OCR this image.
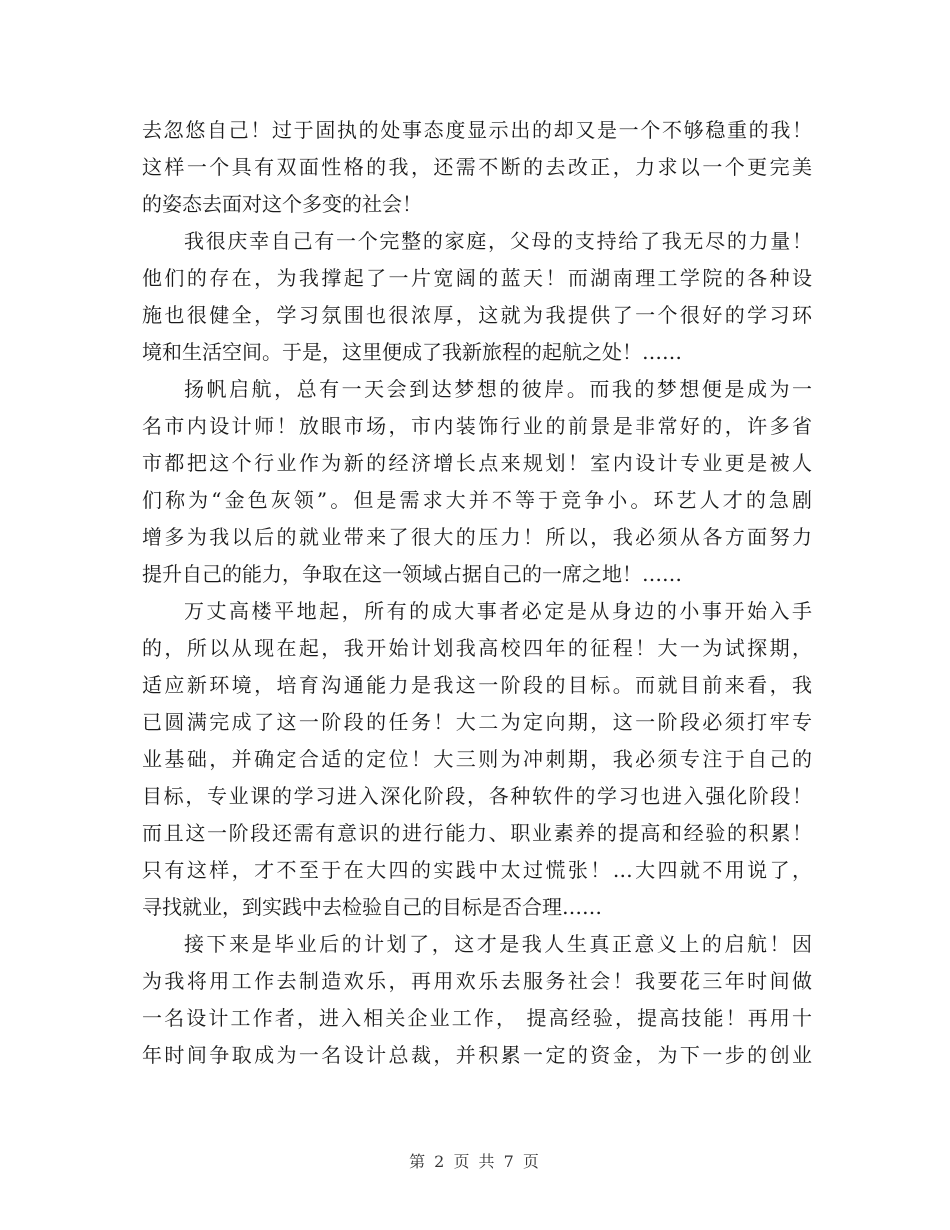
去忽悠自己！过于固执的处事态度显示出的却又是一个不够稳重的我！
这样一个具有双面性格的我，还需不断的去改正，力求以一个更完美
的姿态去面对这个多变的社会！
我很庆幸自己有一个完整的家庭，父母的支持给了我无尽的力量！
他们的存在，为我撑起了一片宽阔的蓝天！而湖南理工学院的各种设
施也很健全，学习氛围也很浓厚，这就为我提供了一个很好的学习环
境和生活空间。于是，这里便成了我新旅程的起航之处！……
扬帆启航，总有一天会到达梦想的彼岸。而我的梦想便是成为一
名市内设计师！放眼市场，市内装饰行业的前景是非常好的，许多省
市都把这个行业作为新的经济增长点来规划！室内设计专业更是被人
们称为“金色灰领”。但是需求大并不等于竞争小。环艺人才的急剧
增多为我以后的就业带来了很大的压力！所以，我必须从各方面努力
提升自己的能力，争取在这一领域占据自己的一席之地！……
万丈高楼平地起，所有的成大事者必定是从身边的小事开始入手
的，所以从现在起，我开始计划我高校四年的征程！大一为试探期，
适应新环境，培育沟通能力是我这一阶段的目标。而就目前来看，我
已圆满完成了这一阶段的任务！大二为定向期，这一阶段必须打牢专
业基础，并确定合适的定位！大三则为冲刺期，我必须专注于自己的
目标，专业课的学习进入深化阶段，各种软件的学习也进入强化阶段！
而且这一阶段还需有意识的进行能力、职业素养的提高和经验的积累！
只有这样，才不至于在大四的实践中太过慌张！…大四就不用说了，
寻找就业，到实践中去检验自己的目标是否合理……
接下来是毕业后的计划了，这才是我人生真正意义上的启航！因
为我将用工作去制造欢乐，再用欢乐去服务社会！我要花三年时间做
一名设计工作者，进入相关企业工作， 提高经验，提高技能！再用十
年时间争取成为一名设计总裁，并积累一定的资金，为下一步的创业
第 2 页 共 7 页
